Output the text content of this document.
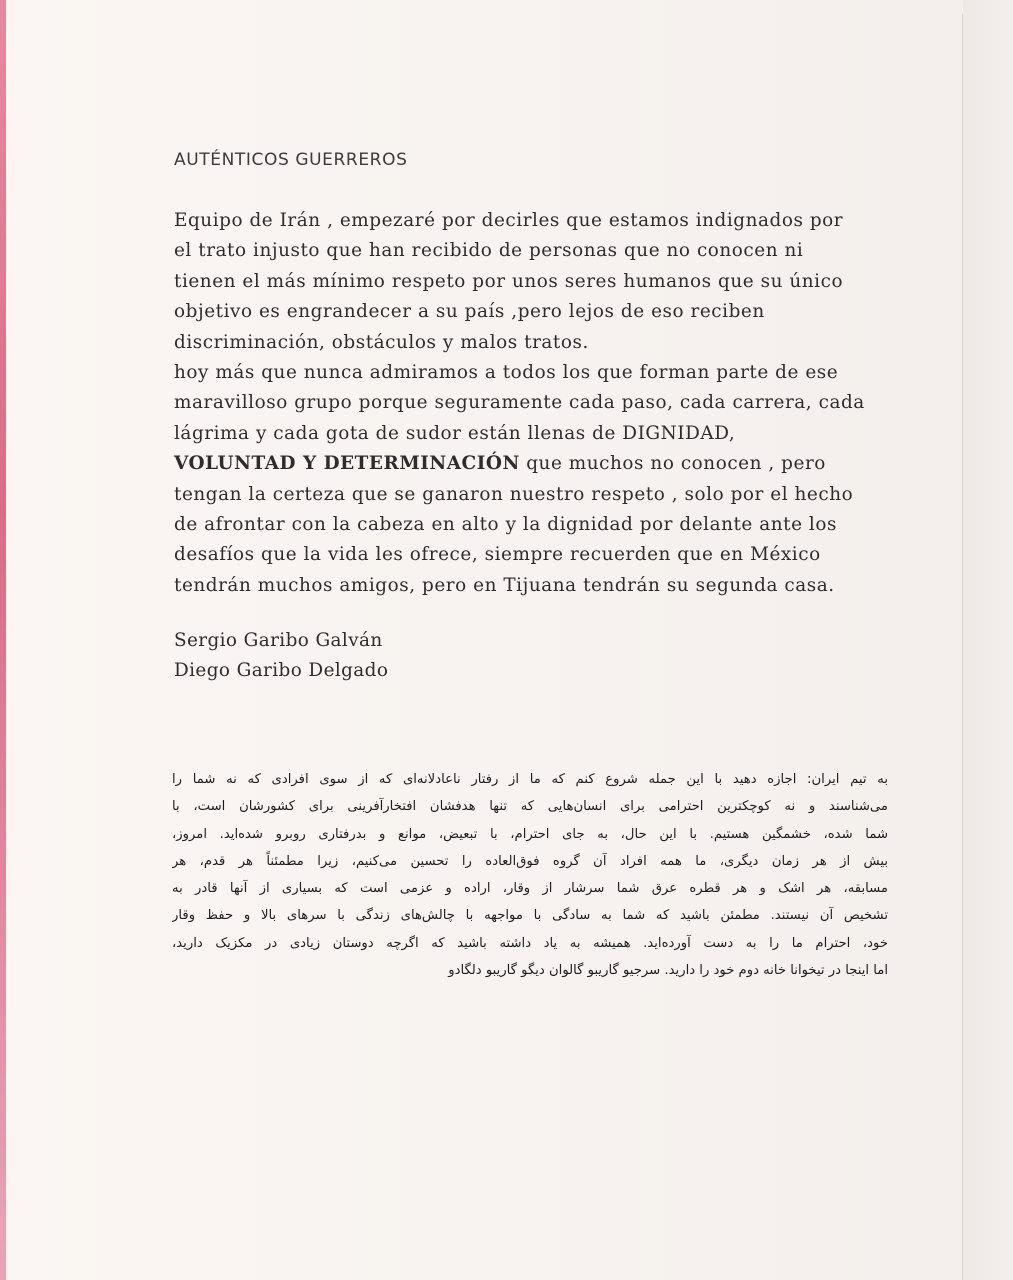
AUTÉNTICOS GUERREROS
Equipo de Irán , empezaré por decirles que estamos indignados por
el trato injusto que han recibido de personas que no conocen ni
tienen el más mínimo respeto por unos seres humanos que su único
objetivo es engrandecer a su país ,pero lejos de eso reciben
discriminación, obstáculos y malos tratos.
hoy más que nunca admiramos a todos los que forman parte de ese
maravilloso grupo porque seguramente cada paso, cada carrera, cada
lágrima y cada gota de sudor están llenas de DIGNIDAD,
VOLUNTAD Y DETERMINACIÓN que muchos no conocen , pero
tengan la certeza que se ganaron nuestro respeto , solo por el hecho
de afrontar con la cabeza en alto y la dignidad por delante ante los
desafíos que la vida les ofrece, siempre recuerden que en México
tendrán muchos amigos, pero en Tijuana tendrán su segunda casa.
Sergio Garibo Galván
Diego Garibo Delgado
به تیم ایران: اجازه دهید با این جمله شروع کنم که ما از رفتار ناعادلانه‌ای که از سوی افرادی که نه شما را
می‌شناسند و نه کوچکترین احترامی برای انسان‌هایی که تنها هدفشان افتخارآفرینی برای کشورشان است، با
شما شده، خشمگین هستیم. با این حال، به جای احترام، با تبعیض، موانع و بدرفتاری روبرو شده‌اید. امروز،
بیش از هر زمان دیگری، ما همه افراد آن گروه فوق‌العاده را تحسین می‌کنیم، زیرا مطمئناً هر قدم، هر
مسابقه، هر اشک و هر قطره عرق شما سرشار از وقار، اراده و عزمی است که بسیاری از آنها قادر به
تشخیص آن نیستند. مطمئن باشید که شما به سادگی با مواجهه با چالش‌های زندگی با سرهای بالا و حفظ وقار
خود، احترام ما را به دست آورده‌اید. همیشه به یاد داشته باشید که اگرچه دوستان زیادی در مکزیک دارید،
اما اینجا در تیخوانا خانه دوم خود را دارید. سرجیو گاریبو گالوان دیگو گاریبو دلگادو
